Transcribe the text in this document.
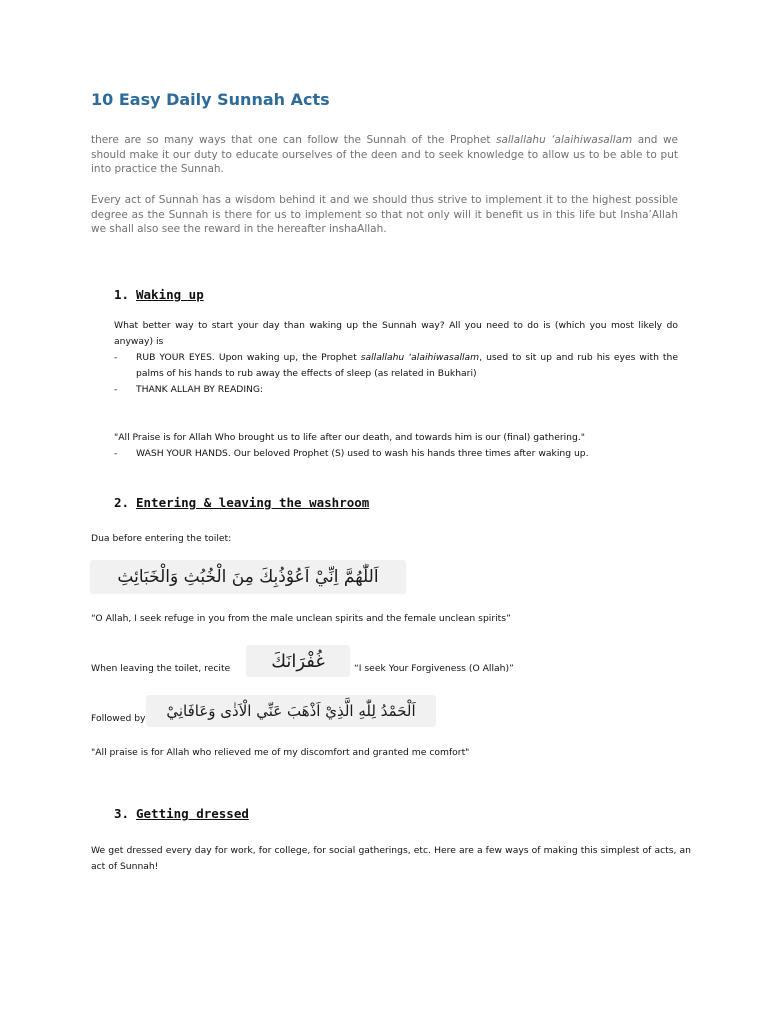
10 Easy Daily Sunnah Acts

there are so many ways that one can follow the Sunnah of the Prophet sallallahu ‘alaihiwasallam and we should make it our duty to educate ourselves of the deen and to seek knowledge to allow us to be able to put into practice the Sunnah.

Every act of Sunnah has a wisdom behind it and we should thus strive to implement it to the highest possible degree as the Sunnah is there for us to implement so that not only will it benefit us in this life but Insha’Allah we shall also see the reward in the hereafter inshaAllah.

1. Waking up

What better way to start your day than waking up the Sunnah way? All you need to do is (which you most likely do anyway) is

- RUB YOUR EYES. Upon waking up, the Prophet sallallahu ‘alaihiwasallam, used to sit up and rub his eyes with the palms of his hands to rub away the effects of sleep (as related in Bukhari)
- THANK ALLAH BY READING:

"All Praise is for Allah Who brought us to life after our death, and towards him is our (final) gathering."

- WASH YOUR HANDS. Our beloved Prophet (S) used to wash his hands three times after waking up.
2. Entering & leaving the washroom

Dua before entering the toilet:

اَللّٰهُمَّ اِنِّيْ اَعُوْذُبِكَ مِنَ الْخُبُثِ وَالْخَبَائِثِ

“O Allah, I seek refuge in you from the male unclean spirits and the female unclean spirits”

When leaving the toilet, recite	غُفْرَانَكَ	“I seek Your Forgiveness (O Allah)”

Followed by	اَلْحَمْدُ لِلّٰهِ الَّذِيْ اَذْهَبَ عَنِّي الْاَذٰى وَعَافَانِيْ

"All praise is for Allah who relieved me of my discomfort and granted me comfort"

3. Getting dressed

We get dressed every day for work, for college, for social gatherings, etc. Here are a few ways of making this simplest of acts, an act of Sunnah!
